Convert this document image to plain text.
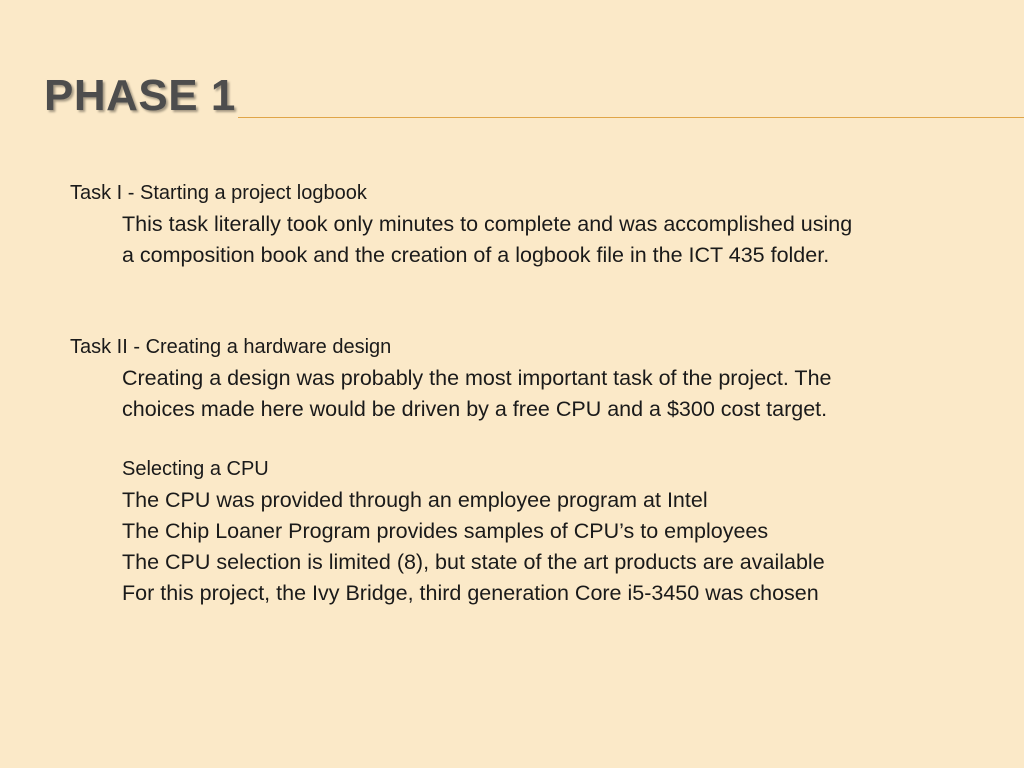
PHASE 1

Task I - Starting a project logbook

This task literally took only minutes to complete and was accomplished using

a composition book and the creation of a logbook file in the ICT 435 folder.

Task II - Creating a hardware design

Creating a design was probably the most important task of the project. The

choices made here would be driven by a free CPU and a $300 cost target.

Selecting a CPU

The CPU was provided through an employee program at Intel

The Chip Loaner Program provides samples of CPU’s to employees

The CPU selection is limited (8), but state of the art products are available

For this project, the Ivy Bridge, third generation Core i5-3450 was chosen
